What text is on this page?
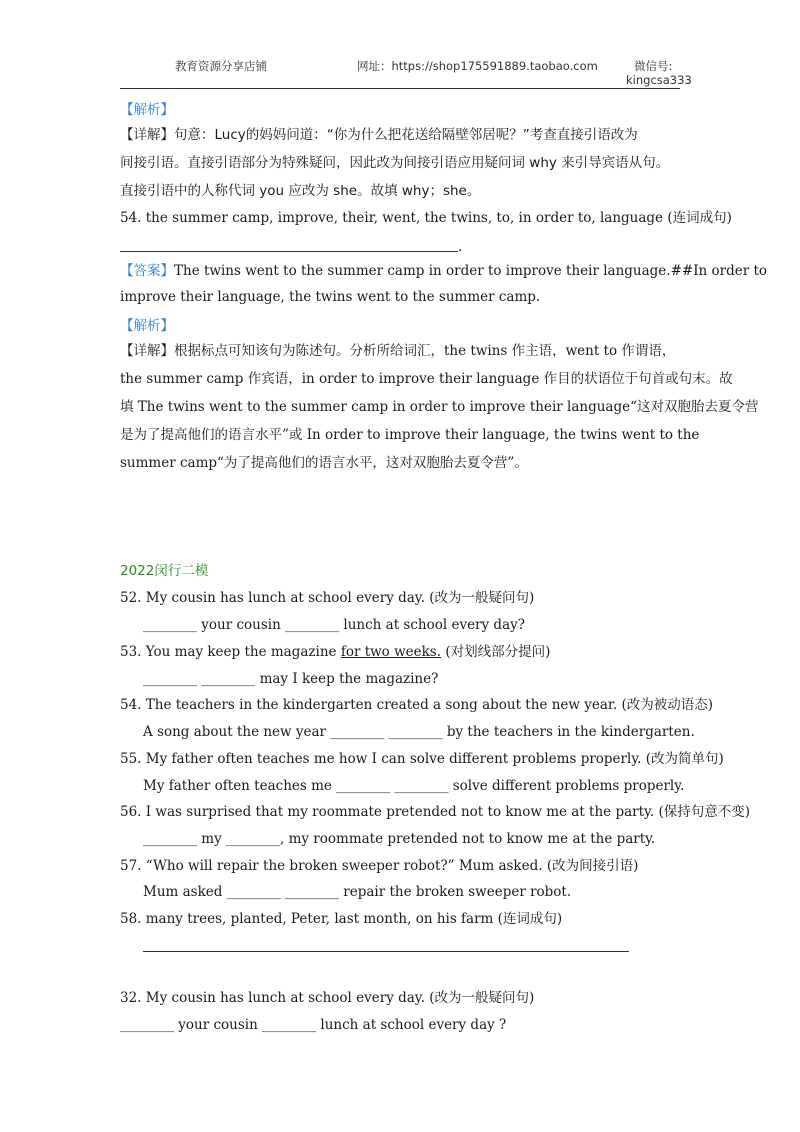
教育资源分享店铺	网址：https://shop175591889.taobao.com	微信号:
kingcsa333
【解析】
【详解】句意：Lucy的妈妈问道：“你为什么把花送给隔壁邻居呢？”考查直接引语改为
间接引语。直接引语部分为特殊疑问，因此改为间接引语应用疑问词 why 来引导宾语从句。
直接引语中的人称代词 you 应改为 she。故填 why；she。
54. the summer camp, improve, their, went, the twins, to, in order to, language (连词成句)
.
【答案】The twins went to the summer camp in order to improve their language.##In order to
improve their language, the twins went to the summer camp.
【解析】
【详解】根据标点可知该句为陈述句。分析所给词汇，the twins 作主语，went to 作谓语，
the summer camp 作宾语，in order to improve their language 作目的状语位于句首或句末。故
填 The twins went to the summer camp in order to improve their language“这对双胞胎去夏令营
是为了提高他们的语言水平”或 In order to improve their language, the twins went to the
summer camp“为了提高他们的语言水平，这对双胞胎去夏令营”。
2022闵行二模
52. My cousin has lunch at school every day. (改为一般疑问句)
________ your cousin ________ lunch at school every day?
53. You may keep the magazine for two weeks. (对划线部分提问)
________ ________ may I keep the magazine?
54. The teachers in the kindergarten created a song about the new year. (改为被动语态)
A song about the new year ________ ________ by the teachers in the kindergarten.
55. My father often teaches me how I can solve different problems properly. (改为简单句)
My father often teaches me ________ ________ solve different problems properly.
56. I was surprised that my roommate pretended not to know me at the party. (保持句意不变)
________ my ________, my roommate pretended not to know me at the party.
57. “Who will repair the broken sweeper robot?” Mum asked. (改为间接引语)
Mum asked ________ ________ repair the broken sweeper robot.
58. many trees, planted, Peter, last month, on his farm (连词成句)
32. My cousin has lunch at school every day. (改为一般疑问句)
________ your cousin ________ lunch at school every day ?
